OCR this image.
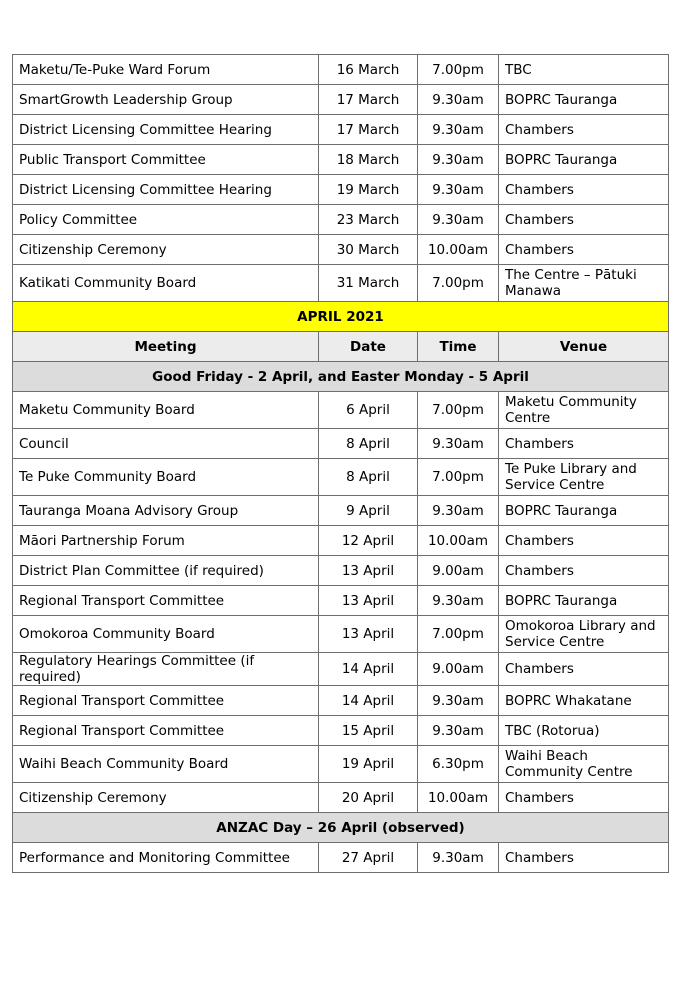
Maketu/Te-Puke Ward Forum	16 March	7.00pm	TBC
SmartGrowth Leadership Group	17 March	9.30am	BOPRC Tauranga
District Licensing Committee Hearing	17 March	9.30am	Chambers
Public Transport Committee	18 March	9.30am	BOPRC Tauranga
District Licensing Committee Hearing	19 March	9.30am	Chambers
Policy Committee	23 March	9.30am	Chambers
Citizenship Ceremony	30 March	10.00am	Chambers
Katikati Community Board	31 March	7.00pm	The Centre – Pātuki Manawa
APRIL 2021			
Meeting	Date	Time	Venue
Good Friday - 2 April, and Easter Monday - 5 April			
Maketu Community Board	6 April	7.00pm	Maketu Community Centre
Council	8 April	9.30am	Chambers
Te Puke Community Board	8 April	7.00pm	Te Puke Library and Service Centre
Tauranga Moana Advisory Group	9 April	9.30am	BOPRC Tauranga
Māori Partnership Forum	12 April	10.00am	Chambers
District Plan Committee (if required)	13 April	9.00am	Chambers
Regional Transport Committee	13 April	9.30am	BOPRC Tauranga
Omokoroa Community Board	13 April	7.00pm	Omokoroa Library and Service Centre
Regulatory Hearings Committee (if required)	14 April	9.00am	Chambers
Regional Transport Committee	14 April	9.30am	BOPRC Whakatane
Regional Transport Committee	15 April	9.30am	TBC (Rotorua)
Waihi Beach Community Board	19 April	6.30pm	Waihi Beach Community Centre
Citizenship Ceremony	20 April	10.00am	Chambers
ANZAC Day – 26 April (observed)			
Performance and Monitoring Committee	27 April	9.30am	Chambers
